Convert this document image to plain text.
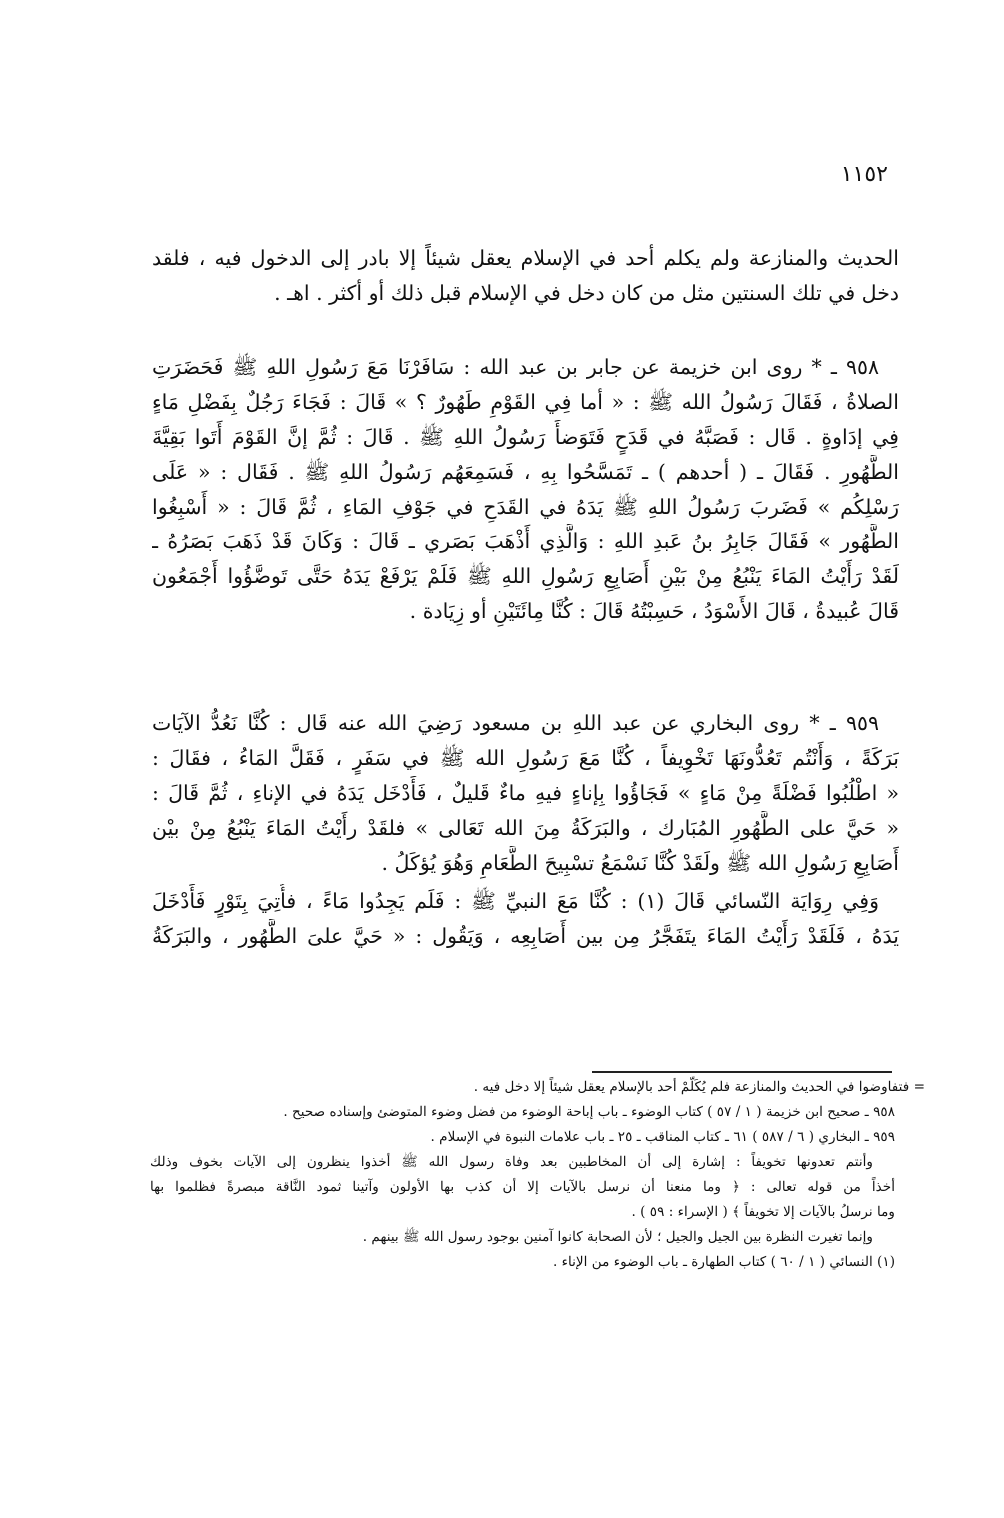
١١٥٢
الحديث والمنازعة ولم يكلم أحد في الإسلام يعقل شيئاً إلا بادر إلى الدخول فيه ، فلقد
دخل في تلك السنتين مثل من كان دخل في الإسلام قبل ذلك أو أكثر . اهـ .
٩٥٨ ـ * روى ابن خزيمة عن جابر بن عبد الله : سَافَرْنَا مَعَ رَسُولِ اللهِ ﷺ فَحَضَرَتِ
الصلاةُ ، فَقَالَ رَسُولُ الله ﷺ : « أما فِي القَوْمِ طَهُورٌ ؟ » قَالَ : فَجَاءَ رَجُلٌ بِفَضْلِ مَاءٍ
فِي إدَاوةٍ . قَال : فَصَبَّهُ في قَدَحٍ فَتَوَضأَ رَسُولُ اللهِ ﷺ . قَالَ : ثُمَّ إنَّ القَوْمَ أَتَوا بَقِيَّةَ
الطَّهُورِ . فَقَالَ ـ ( أحدهم ) ـ تَمَسَّحُوا بِهِ ، فَسَمِعَهُم رَسُولُ اللهِ ﷺ . فَقَال : « عَلَى
رَسْلِكُم » فَضَربَ رَسُولُ اللهِ ﷺ يَدَهُ في القَدَحِ في جَوْفِ المَاءِ ، ثُمَّ قَالَ : « أَسْبِغُوا
الطَّهُور » فَقَالَ جَابِرُ بنُ عَبدِ اللهِ : وَالَّذِي أَذْهَبَ بَصَري ـ قَالَ : وَكَانَ قَدْ ذَهَبَ بَصَرُهُ ـ
لَقَدْ رَأَيْتُ المَاءَ يَنْبُعُ مِنْ بَيْنِ أَصَابِعِ رَسُولِ اللهِ ﷺ فَلَمْ يَرْفَعْ يَدَهُ حَتَّى تَوضَّؤُوا أَجْمَعُون
قَالَ عُبيدةُ ، قَالَ الأَسْوَدُ ، حَسِبْتُهُ قَالَ : كُنَّا مِائَتَيْنِ أو زِيَادة .
٩٥٩ ـ * روى البخاري عن عبد اللهِ بن مسعود رَضِيَ الله عنه قَال : كُنَّا نَعُدُّ الآيَات
بَرَكَةً ، وَأَنْتُم تَعُدُّونَهَا تَخْوِيفاً ، كُنَّا مَعَ رَسُولِ الله ﷺ في سَفَرٍ ، فَقَلَّ المَاءُ ، فقَالَ :
« اطْلُبُوا فَضْلَةً مِنْ مَاءٍ » فَجَاؤُوا بِإناءٍ فيهِ ماءٌ قَليلٌ ، فَأَدْخَل يَدَهُ في الإناءِ ، ثُمَّ قَالَ :
« حَيَّ على الطَّهُورِ المُبَارك ، والبَرَكَةُ مِنَ الله تَعَالى » فلقَدْ رأَيْتُ المَاءَ يَنْبُعُ مِنْ بيْن
أَصَابِعِ رَسُولِ الله ﷺ ولَقَدْ كُنَّا نَسْمَعُ تسْبِيحَ الطَّعَامِ وَهُوَ يُؤكَلُ .
وَفِي رِوَايَة النّسائي قَالَ (١) : كُنَّا مَعَ النبيِّ ﷺ : فَلَم يَجِدُوا مَاءً ، فأُتِيَ بِتَوْرٍ فَأَدْخَلَ
يَدَهُ ، فَلَقَدْ رَأَيْتُ المَاءَ يتَفَجَّرُ مِن بين أَصَابِعِه ، وَيَقُول : « حَيَّ علىَ الطَّهُور ، والبَرَكَةُ
= فتفاوضوا في الحديث والمنازعة فلم يُكَلّمْ أحد بالإسلام يعقل شيئاً إلا دخل فيه .
٩٥٨ ـ صحيح ابن خزيمة ( ١ / ٥٧ ) كتاب الوضوء ـ باب إباحة الوضوء من فضل وضوء المتوضئ وإسناده صحيح .
٩٥٩ ـ البخاري ( ٦ / ٥٨٧ ) ٦١ ـ كتاب المناقب ـ ٢٥ ـ باب علامات النبوة في الإسلام .
وأنتم تعدونها تخويفاً : إشارة إلى أن المخاطبين بعد وفاة رسول الله ﷺ أخذوا ينظرون إلى الآيات بخوف وذلك
أخذاً من قوله تعالى : ﴿ وما منعنا أن نرسل بالآيات إلا أن كذب بها الأولون وآتينا ثمود النَّاقة مبصرةً فظلموا بها
وما نرسلُ بالآيات إلا تخويفاً ﴾ ( الإسراء : ٥٩ ) .
وإنما تغيرت النظرة بين الجيل والجيل ؛ لأن الصحابة كانوا آمنين بوجود رسول الله ﷺ بينهم .
(١) النسائي ( ١ / ٦٠ ) كتاب الطهارة ـ باب الوضوء من الإناء .
